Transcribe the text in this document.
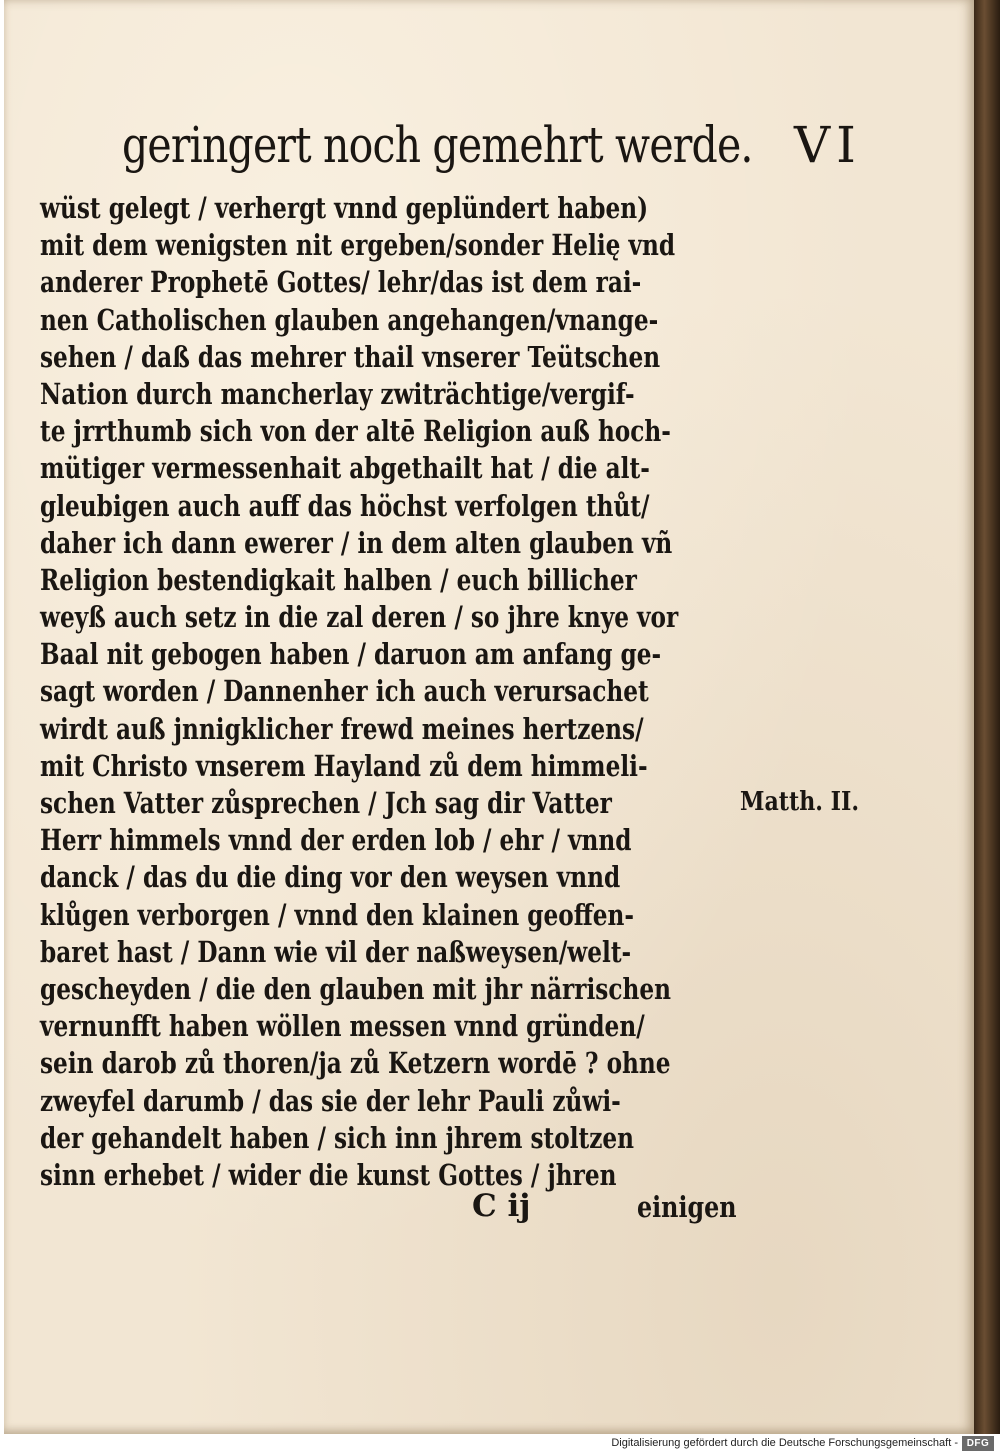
geringert noch gemehrt werde. VI
wüst gelegt / verhergt vnnd geplündert haben)
mit dem wenigsten nit ergeben/sonder Helię vnd
anderer Prophetē Gottes/ lehr/das ist dem rai-
nen Catholischen glauben angehangen/vnange-
sehen / daß das mehrer thail vnserer Teütschen
Nation durch mancherlay zwiträchtige/vergif-
te jrrthumb sich von der altē Religion auß hoch-
mütiger vermessenhait abgethailt hat / die alt-
gleubigen auch auff das höchst verfolgen thůt/
daher ich dann ewerer / in dem alten glauben vñ
Religion bestendigkait halben / euch billicher
weyß auch setz in die zal deren / so jhre knye vor
Baal nit gebogen haben / daruon am anfang ge-
sagt worden / Dannenher ich auch verursachet
wirdt auß jnnigklicher frewd meines hertzens/
mit Christo vnserem Hayland zů dem himmeli-
schen Vatter zůsprechen / Jch sag dir Vatter
Herr himmels vnnd der erden lob / ehr / vnnd
danck / das du die ding vor den weysen vnnd
klůgen verborgen / vnnd den klainen geoffen-
baret hast / Dann wie vil der naßweysen/welt-
gescheyden / die den glauben mit jhr närrischen
vernunfft haben wöllen messen vnnd gründen/
sein darob zů thoren/ja zů Ketzern wordē ? ohne
zweyfel darumb / das sie der lehr Pauli zůwi-
der gehandelt haben / sich inn jhrem stoltzen
sinn erhebet / wider die kunst Gottes / jhren
Matth. II.
C ij	einigen
Digitalisierung gefördert durch die Deutsche Forschungsgemeinschaft - DFG
